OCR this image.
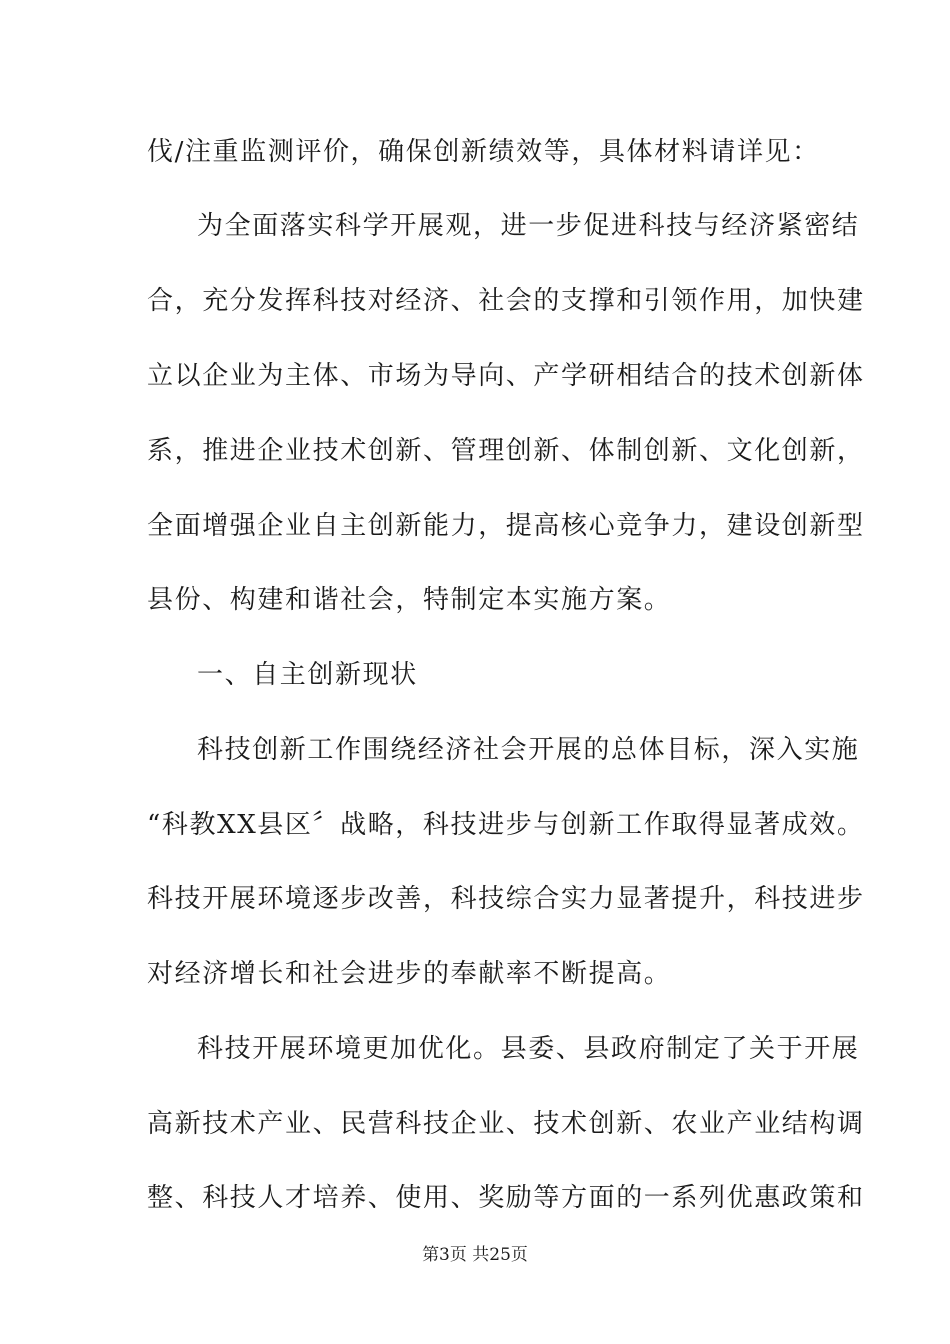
伐/注重监测评价，确保创新绩效等，具体材料请详见：
为全面落实科学开展观，进一步促进科技与经济紧密结
合，充分发挥科技对经济、社会的支撑和引领作用，加快建
立以企业为主体、市场为导向、产学研相结合的技术创新体
系，推进企业技术创新、管理创新、体制创新、文化创新，
全面增强企业自主创新能力，提高核心竞争力，建设创新型
县份、构建和谐社会，特制定本实施方案。
一、自主创新现状
科技创新工作围绕经济社会开展的总体目标，深入实施
“科教XX县区〞战略，科技进步与创新工作取得显著成效。
科技开展环境逐步改善，科技综合实力显著提升，科技进步
对经济增长和社会进步的奉献率不断提高。
科技开展环境更加优化。县委、县政府制定了关于开展
高新技术产业、民营科技企业、技术创新、农业产业结构调
整、科技人才培养、使用、奖励等方面的一系列优惠政策和
第3页 共25页
